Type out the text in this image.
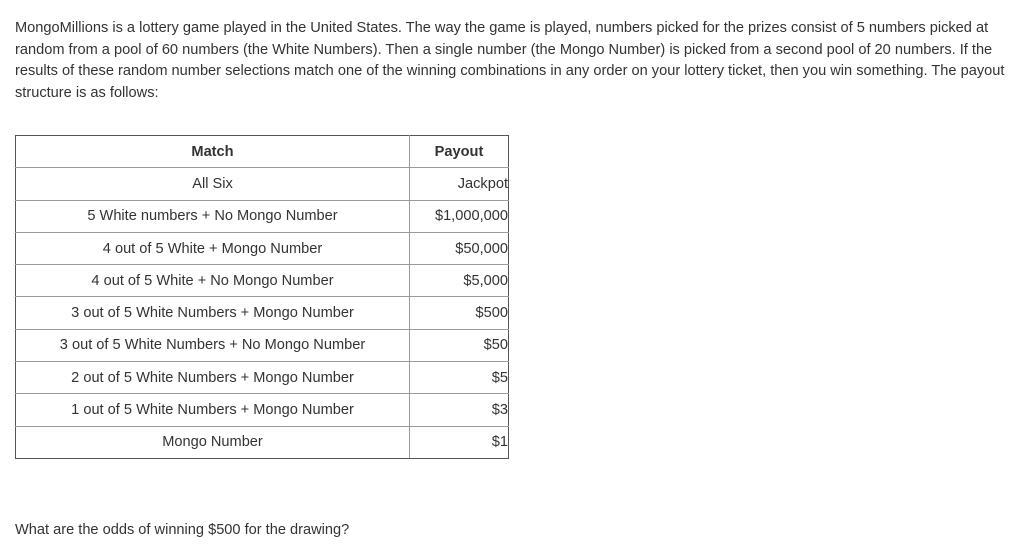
MongoMillions is a lottery game played in the United States. The way the game is played, numbers picked for the prizes consist of 5 numbers picked at random from a pool of 60 numbers (the White Numbers). Then a single number (the Mongo Number) is picked from a second pool of 20 numbers. If the results of these random number selections match one of the winning combinations in any order on your lottery ticket, then you win something. The payout structure is as follows:

Match	Payout
All Six	Jackpot
5 White numbers + No Mongo Number	$1,000,000
4 out of 5 White + Mongo Number	$50,000
4 out of 5 White + No Mongo Number	$5,000
3 out of 5 White Numbers + Mongo Number	$500
3 out of 5 White Numbers + No Mongo Number	$50
2 out of 5 White Numbers + Mongo Number	$5
1 out of 5 White Numbers + Mongo Number	$3
Mongo Number	$1

What are the odds of winning $500 for the drawing?
